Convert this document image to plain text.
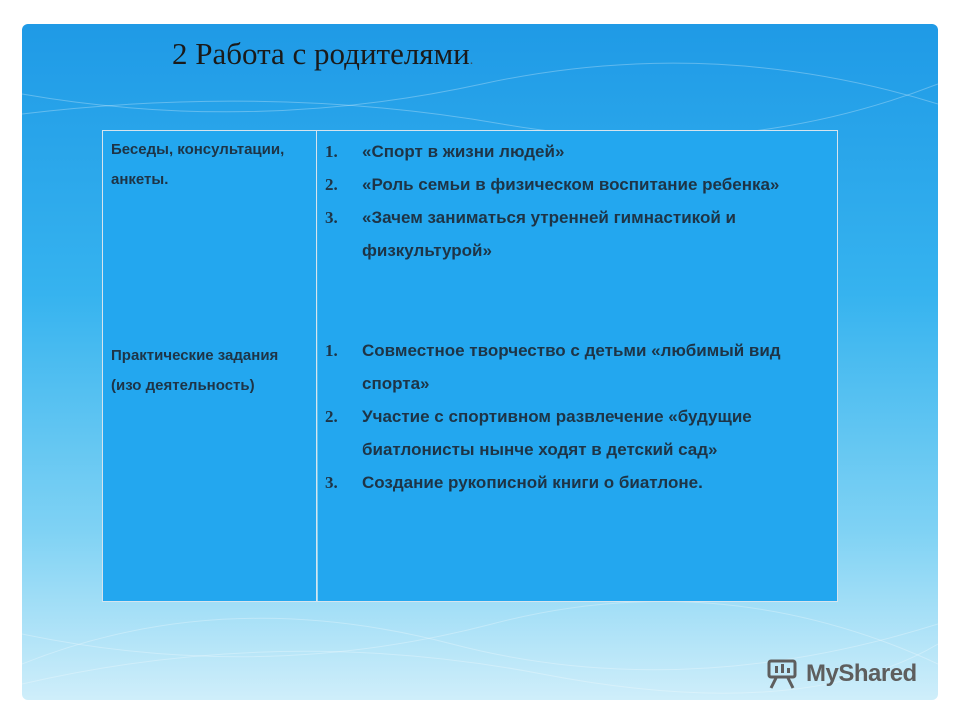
2 Работа с родителями.
Беседы, консультации, анкеты.
Практические задания (изо деятельность)
1. «Спорт в жизни людей»
2. «Роль семьи в физическом воспитание ребенка»
3. «Зачем заниматься утренней гимнастикой и физкультурой»
1. Совместное творчество с детьми «любимый вид спорта»
2. Участие с спортивном развлечение «будущие биатлонисты нынче ходят в детский сад»
3. Создание рукописной книги о биатлоне.
MyShared
